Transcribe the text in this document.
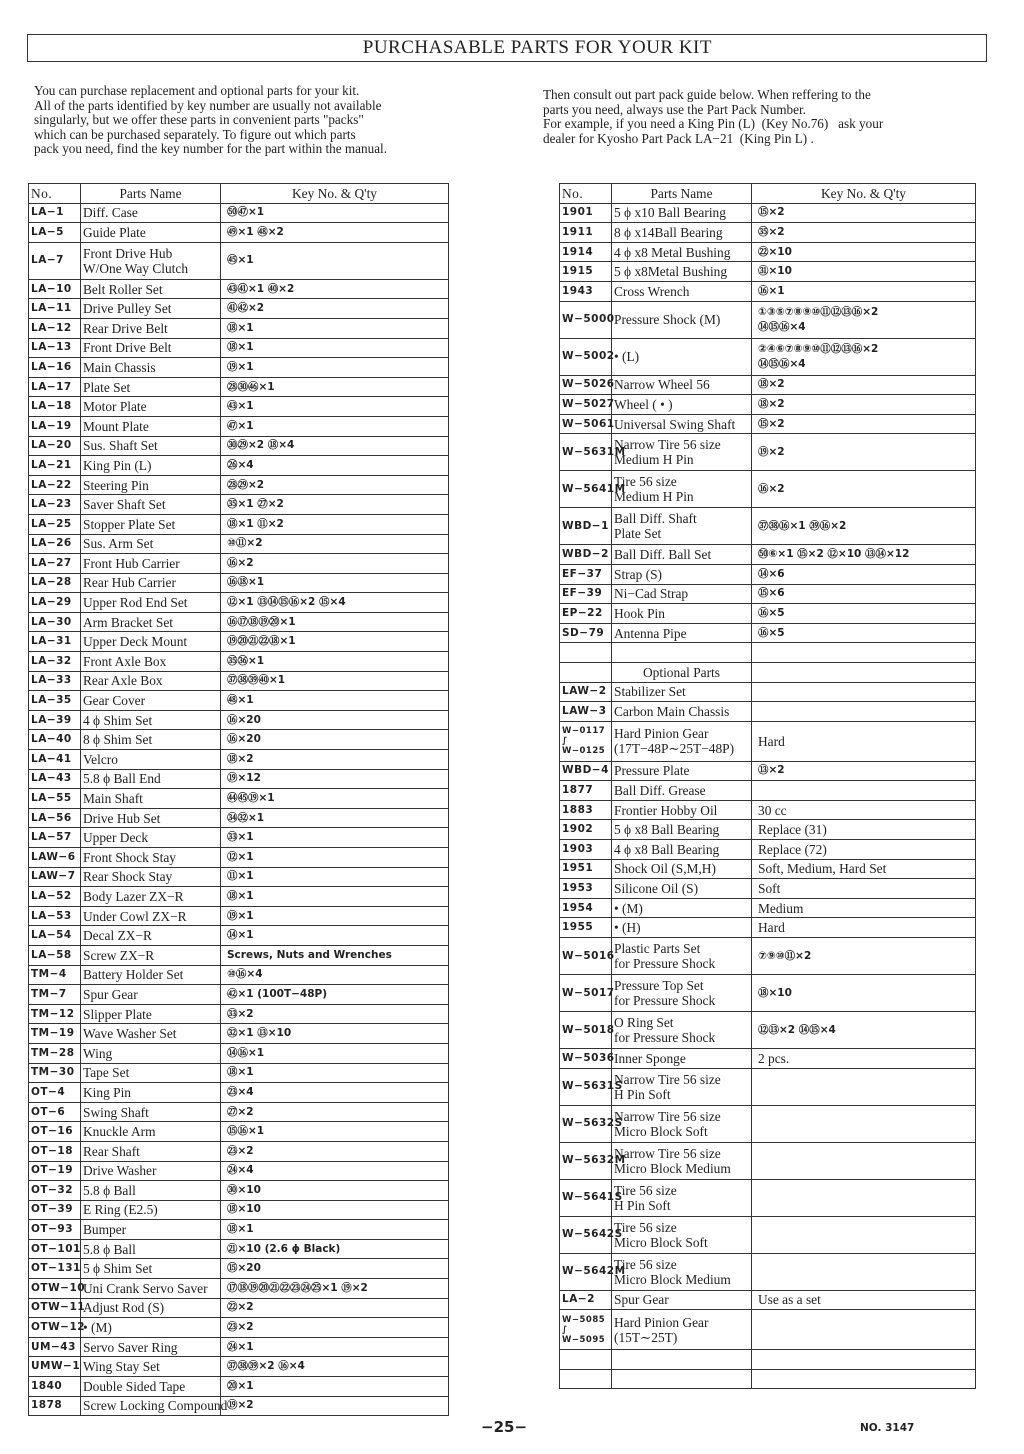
PURCHASABLE PARTS FOR YOUR KIT
You can purchase replacement and optional parts for your kit.
All of the parts identified by key number are usually not available
singularly, but we offer these parts in convenient parts "packs"
which can be purchased separately. To figure out which parts
pack you need, find the key number for the part within the manual.
Then consult out part pack guide below. When reffering to the
parts you need, always use the Part Pack Number.
For example, if you need a King Pin (L)  (Key No.76)   ask your
dealer for Kyosho Part Pack LA−21  (King Pin L) .
No.	Parts Name	Key No. & Q'ty
LA−1	Diff. Case	㊿㊼×1
LA−5	Guide Plate	㊾×1 ㊽×2
LA−7	Front Drive Hub
W/One Way Clutch	㊺×1
LA−10	Belt Roller Set	㊸㊶×1 ㊵×2
LA−11	Drive Pulley Set	㊶㊷×2
LA−12	Rear Drive Belt	⑱×1
LA−13	Front Drive Belt	⑱×1
LA−16	Main Chassis	⑲×1
LA−17	Plate Set	㉘㉚㊻×1
LA−18	Motor Plate	㊸×1
LA−19	Mount Plate	㊼×1
LA−20	Sus. Shaft Set	㉚㉙×2 ⑱×4
LA−21	King Pin (L)	㉖×4
LA−22	Steering Pin	㉘㉙×2
LA−23	Saver Shaft Set	㉟×1 ㉗×2
LA−25	Stopper Plate Set	⑱×1 ⑪×2
LA−26	Sus. Arm Set	⑩⑪×2
LA−27	Front Hub Carrier	⑯×2
LA−28	Rear Hub Carrier	⑯⑱×1
LA−29	Upper Rod End Set	⑫×1 ⑬⑭⑮⑯×2 ⑮×4
LA−30	Arm Bracket Set	⑯⑰⑱⑲⑳×1
LA−31	Upper Deck Mount	⑲⑳㉑㉒⑱×1
LA−32	Front Axle Box	㉟㊱×1
LA−33	Rear Axle Box	㊲㊳㊴㊵×1
LA−35	Gear Cover	㊽×1
LA−39	4 ϕ Shim Set	⑯×20
LA−40	8 ϕ Shim Set	⑯×20
LA−41	Velcro	⑱×2
LA−43	5.8 ϕ Ball End	⑲×12
LA−55	Main Shaft	㊹㊺⑲×1
LA−56	Drive Hub Set	㉞㉜×1
LA−57	Upper Deck	㉝×1
LAW−6	Front Shock Stay	⑫×1
LAW−7	Rear Shock Stay	⑪×1
LA−52	Body Lazer ZX−R	⑱×1
LA−53	Under Cowl ZX−R	⑲×1
LA−54	Decal ZX−R	⑭×1
LA−58	Screw ZX−R	Screws, Nuts and Wrenches
TM−4	Battery Holder Set	⑩⑯×4
TM−7	Spur Gear	㊷×1 (100T−48P)
TM−12	Slipper Plate	㉝×2
TM−19	Wave Washer Set	㉜×1 ⑬×10
TM−28	Wing	⑭⑯×1
TM−30	Tape Set	⑱×1
OT−4	King Pin	㉓×4
OT−6	Swing Shaft	㉗×2
OT−16	Knuckle Arm	⑮⑯×1
OT−18	Rear Shaft	㉓×2
OT−19	Drive Washer	㉔×4
OT−32	5.8 ϕ Ball	㉚×10
OT−39	E Ring (E2.5)	⑱×10
OT−93	Bumper	⑱×1
OT−101	5.8 ϕ Ball	㉑×10 (2.6 ϕ Black)
OT−131	5 ϕ Shim Set	⑮×20
OTW−10	Uni Crank Servo Saver	⑰⑱⑲⑳㉑㉒㉓㉔㉕×1 ⑲×2
OTW−11	Adjust Rod (S)	㉒×2
OTW−12	• (M)	㉓×2
UM−43	Servo Saver Ring	㉔×1
UMW−1	Wing Stay Set	㊲㊳㊴×2 ⑯×4
1840	Double Sided Tape	⑳×1
1878	Screw Locking Compound	⑲×2
No.	Parts Name	Key No. & Q'ty
1901	5 ϕ x10 Ball Bearing	⑮×2
1911	8 ϕ x14Ball Bearing	㉟×2
1914	4 ϕ x8 Metal Bushing	㉒×10
1915	5 ϕ x8Metal Bushing	㉛×10
1943	Cross Wrench	⑯×1
W−5000	Pressure Shock (M)	①③⑤⑦⑧⑨⑩⑪⑫⑬⑯×2
⑭⑮⑯×4
W−5002	• (L)	②④⑥⑦⑧⑨⑩⑪⑫⑬⑯×2
⑭⑮⑯×4
W−5026	Narrow Wheel 56	⑱×2
W−5027	Wheel ( • )	⑱×2
W−5061	Universal Swing Shaft	⑮×2
W−5631M	Narrow Tire 56 size
Medium H Pin	⑲×2
W−5641M	Tire 56 size
Medium H Pin	⑯×2
WBD−1	Ball Diff. Shaft
Plate Set	㊲㊳⑯×1 ㊴⑯×2
WBD−2	Ball Diff. Ball Set	㊿⑥×1 ⑮×2 ⑫×10 ⑬⑭×12
EF−37	Strap (S)	⑭×6
EF−39	Ni−Cad Strap	⑮×6
EP−22	Hook Pin	⑯×5
SD−79	Antenna Pipe	⑯×5

	Optional Parts	
LAW−2	Stabilizer Set	
LAW−3	Carbon Main Chassis	
W−0117
∫
W−0125	Hard Pinion Gear
(17T−48P∼25T−48P)	Hard
WBD−4	Pressure Plate	⑬×2
1877	Ball Diff. Grease	
1883	Frontier Hobby Oil	30 cc
1902	5 ϕ x8 Ball Bearing	Replace (31)
1903	4 ϕ x8 Ball Bearing	Replace (72)
1951	Shock Oil (S,M,H)	Soft, Medium, Hard Set
1953	Silicone Oil (S)	Soft
1954	• (M)	Medium
1955	• (H)	Hard
W−5016	Plastic Parts Set
for Pressure Shock	⑦⑨⑩⑪×2
W−5017	Pressure Top Set
for Pressure Shock	⑱×10
W−5018	O Ring Set
for Pressure Shock	⑫⑬×2 ⑭⑮×4
W−5036	Inner Sponge	2 pcs.
W−5631S	Narrow Tire 56 size
H Pin Soft	
W−5632S	Narrow Tire 56 size
Micro Block Soft	
W−5632M	Narrow Tire 56 size
Micro Block Medium	
W−5641S	Tire 56 size
H Pin Soft	
W−5642S	Tire 56 size
Micro Block Soft	
W−5642M	Tire 56 size
Micro Block Medium	
LA−2	Spur Gear	Use as a set
W−5085
∫
W−5095	Hard Pinion Gear
(15T∼25T)	

−25−	NO. 3147
